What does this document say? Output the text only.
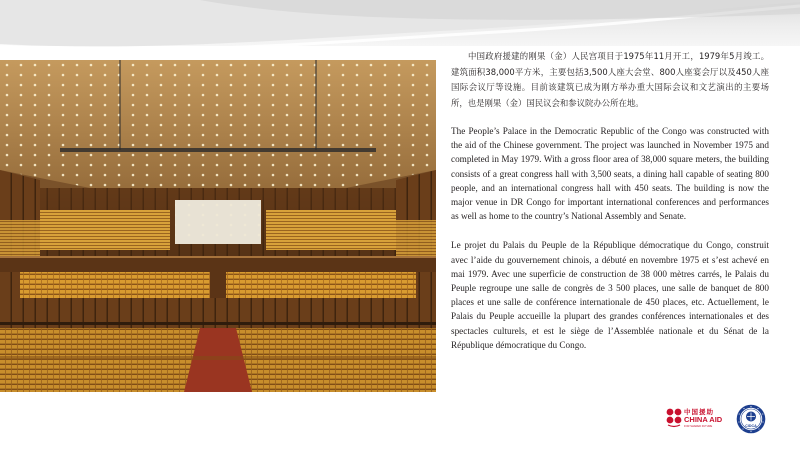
中国政府援建的刚果（金）人民宫项目于1975年11月开工，1979年5月竣工。建筑面积38,000平方米，主要包括3,500人座大会堂、800人座宴会厅以及450人座国际会议厅等设施。目前该建筑已成为刚方举办重大国际会议和文艺演出的主要场所，也是刚果（金）国民议会和参议院办公所在地。

The People’s Palace in the Democratic Republic of the Congo was constructed with the aid of the Chinese government. The project was launched in November 1975 and completed in May 1979. With a gross floor area of 38,000 square meters, the building consists of a great congress hall with 3,500 seats, a dining hall capable of seating 800 people, and an international congress hall with 450 seats. The building is now the major venue in DR Congo for important international conferences and performances as well as home to the country’s National Assembly and Senate.

Le projet du Palais du Peuple de la République démocratique du Congo, construit avec l’aide du gouvernement chinois, a débuté en novembre 1975 et s’est achevé en mai 1979. Avec une superficie de construction de 38 000 mètres carrés, le Palais du Peuple regroupe une salle de congrès de 3 500 places, une salle de banquet de 800 places et une salle de conférence internationale de 450 places, etc. Actuellement, le Palais du Peuple accueille la plupart des grandes conférences internationales et des spectacles culturels, et est le siège de l’Assemblée nationale et du Sénat de la République démocratique du Congo.

中国援助
CHINA AID
FOR SHARED FUTURE	CIDCA
